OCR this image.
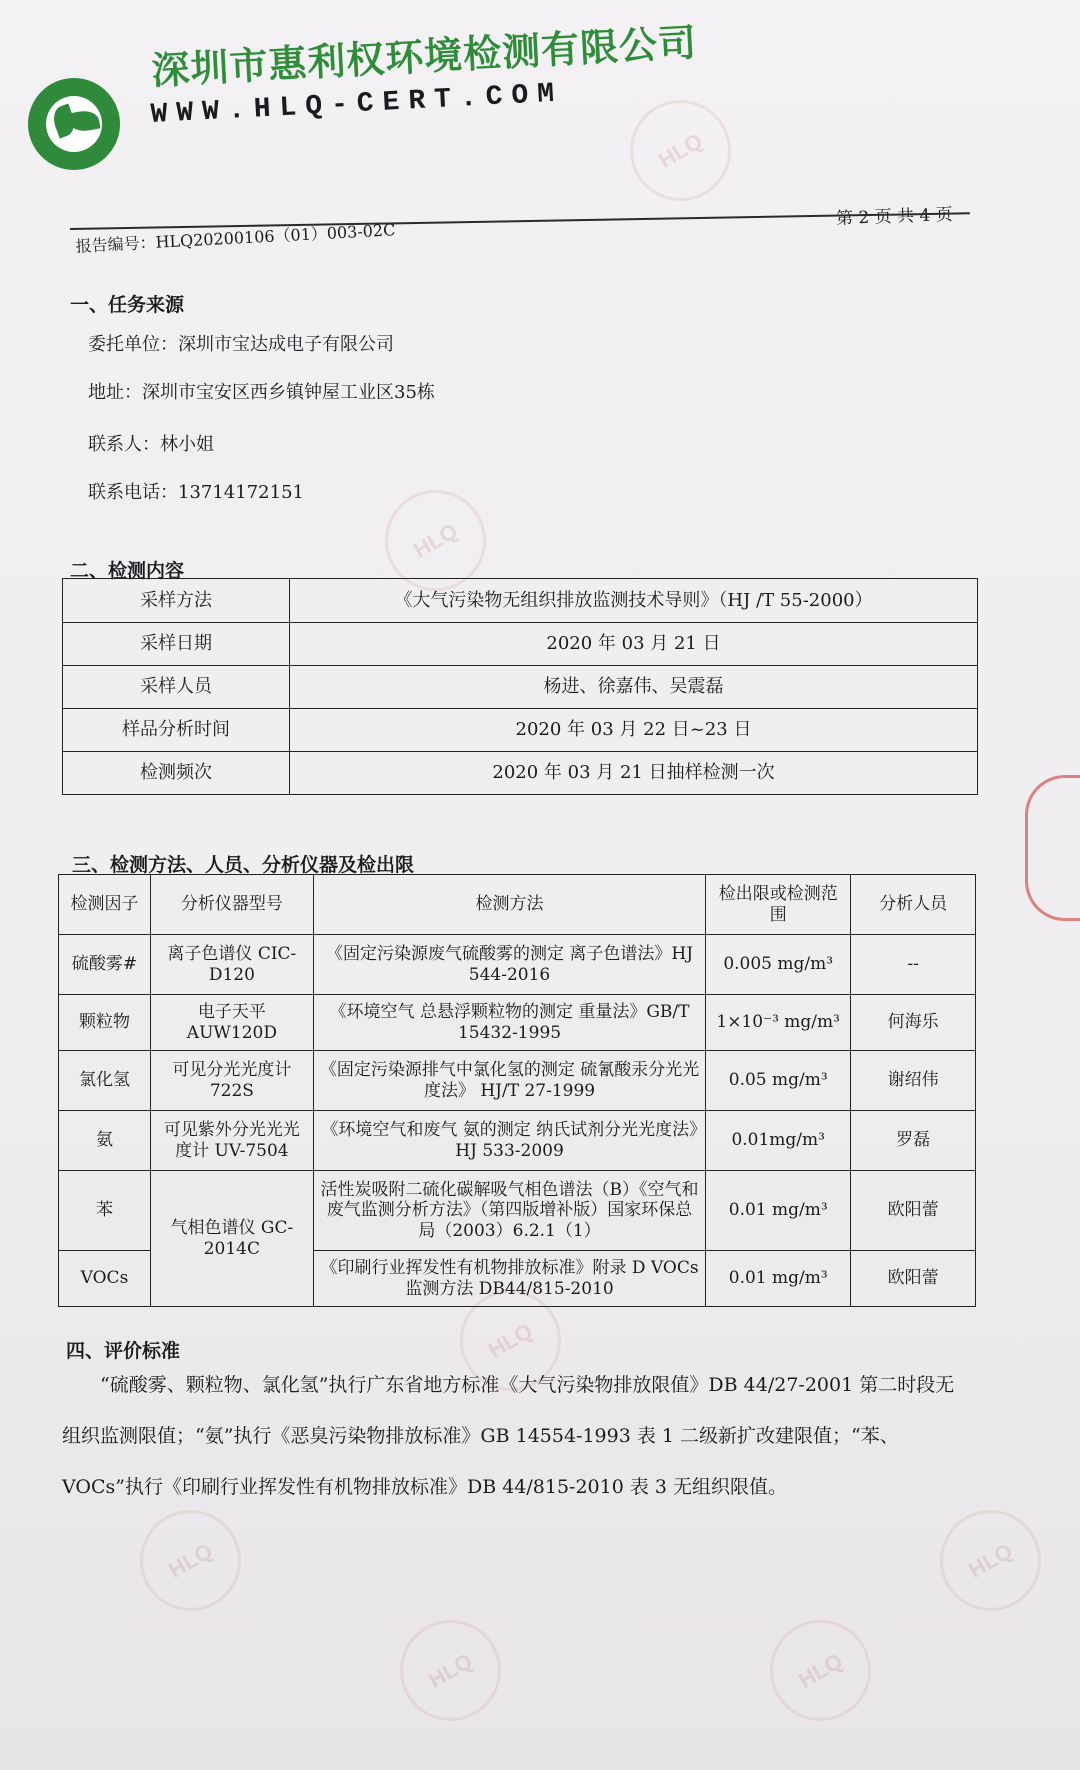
HLQ
HLQ
HLQ
HLQ
HLQ	HLQ
HLQ
深圳市惠利权环境检测有限公司
WWW.HLQ-CERT.COM
第 2 页 共 4 页
报告编号：HLQ20200106（01）003-02C
一、任务来源
委托单位：深圳市宝达成电子有限公司
地址：深圳市宝安区西乡镇钟屋工业区35栋
联系人：林小姐
联系电话：13714172151
二、检测内容
采样方法	《大气污染物无组织排放监测技术导则》（HJ /T 55-2000）
采样日期	2020 年 03 月 21 日
采样人员	杨进、徐嘉伟、吴震磊
样品分析时间	2020 年 03 月 22 日~23 日
检测频次	2020 年 03 月 21 日抽样检测一次
三、检测方法、人员、分析仪器及检出限
检测因子	分析仪器型号	检测方法	检出限或检测范围	分析人员
硫酸雾#	离子色谱仪 CIC-D120	《固定污染源废气硫酸雾的测定 离子色谱法》HJ 544-2016	0.005 mg/m³	--
颗粒物	电子天平 AUW120D	《环境空气 总悬浮颗粒物的测定 重量法》GB/T 15432-1995	1×10⁻³ mg/m³	何海乐
氯化氢	可见分光光度计 722S	《固定污染源排气中氯化氢的测定 硫氰酸汞分光光度法》 HJ/T 27-1999	0.05 mg/m³	谢绍伟
氨	可见紫外分光光光度计 UV-7504	《环境空气和废气 氨的测定 纳氏试剂分光光度法》HJ 533-2009	0.01mg/m³	罗磊
苯	气相色谱仪 GC-2014C	活性炭吸附二硫化碳解吸气相色谱法（B）《空气和废气监测分析方法》（第四版增补版）国家环保总局（2003）6.2.1（1）	0.01 mg/m³	欧阳蕾
VOCs		《印刷行业挥发性有机物排放标准》附录 D VOCs 监测方法 DB44/815-2010	0.01 mg/m³	欧阳蕾
四、评价标准
“硫酸雾、颗粒物、氯化氢”执行广东省地方标准《大气污染物排放限值》DB 44/27-2001 第二时段无组织监测限值；“氨”执行《恶臭污染物排放标准》GB 14554-1993 表 1 二级新扩改建限值；“苯、VOCs”执行《印刷行业挥发性有机物排放标准》DB 44/815-2010 表 3 无组织限值。
